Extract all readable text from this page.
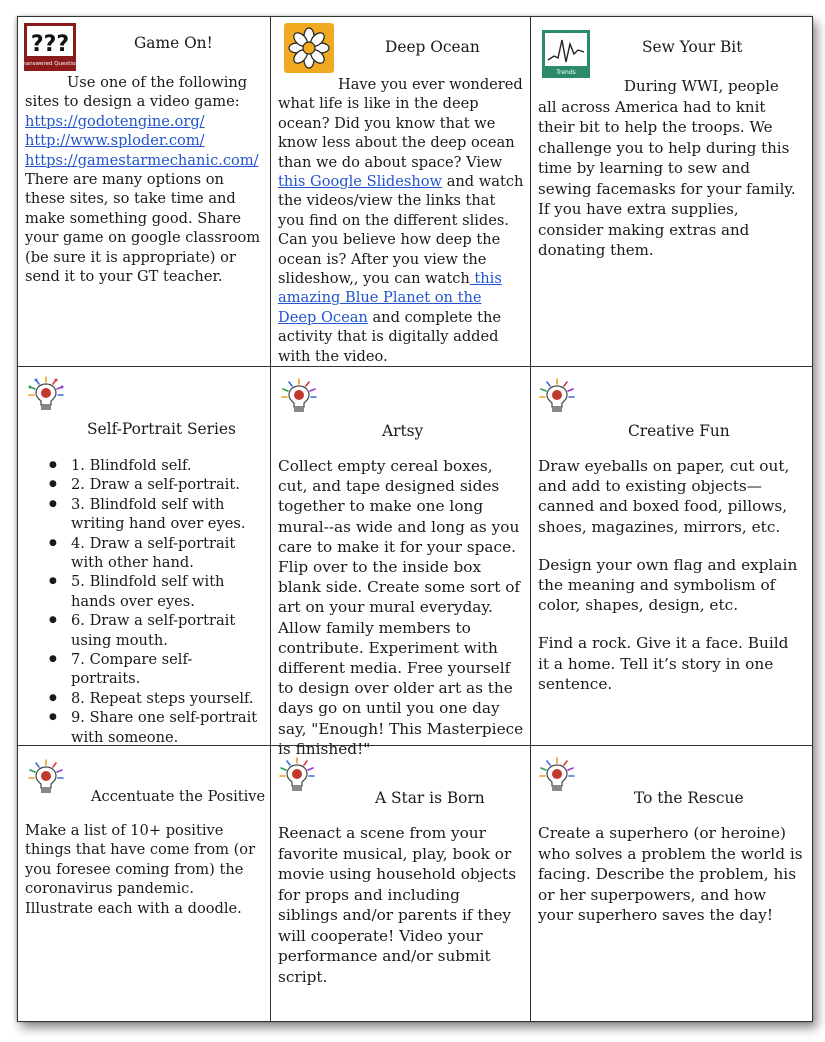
???
Unanswered Questions
Game On!
Use one of the following sites to design a video game:
https://godotengine.org/
http://www.sploder.com/
https://gamestarmechanic.com/
There are many options on these sites, so take time and make something good. Share your game on google classroom (be sure it is appropriate) or send it to your GT teacher.
Deep Ocean
Have you ever wondered what life is like in the deep ocean? Did you know that we know less about the deep ocean than we do about space? View this Google Slideshow and watch the videos/view the links that you find on the different slides. Can you believe how deep the ocean is? After you view the slideshow,, you can watch this amazing Blue Planet on the Deep Ocean and complete the activity that is digitally added with the video.
Trends
Sew Your Bit
During WWI, people all across America had to knit their bit to help the troops. We challenge you to help during this time by learning to sew and sewing facemasks for your family. If you have extra supplies, consider making extras and donating them.
Self-Portrait Series
● 1. Blindfold self.
● 2. Draw a self-portrait.
● 3. Blindfold self with writing hand over eyes.
● 4. Draw a self-portrait with other hand.
● 5. Blindfold self with hands over eyes.
● 6. Draw a self-portrait using mouth.
● 7. Compare self-portraits.
● 8. Repeat steps yourself.
● 9. Share one self-portrait with someone.
Artsy
Collect empty cereal boxes, cut, and tape designed sides together to make one long mural--as wide and long as you care to make it for your space. Flip over to the inside box blank side. Create some sort of art on your mural everyday. Allow family members to contribute. Experiment with different media. Free yourself to design over older art as the days go on until you one day say, "Enough! This Masterpiece is finished!"
Creative Fun

Draw eyeballs on paper, cut out, and add to existing objects—canned and boxed food, pillows, shoes, magazines, mirrors, etc.

Design your own flag and explain the meaning and symbolism of color, shapes, design, etc.

Find a rock. Give it a face. Build it a home. Tell it’s story in one sentence.

Accentuate the Positive
Make a list of 10+ positive things that have come from (or you foresee coming from) the coronavirus pandemic. Illustrate each with a doodle.
A Star is Born
Reenact a scene from your favorite musical, play, book or movie using household objects for props and including siblings and/or parents if they will cooperate! Video your performance and/or submit script.
To the Rescue
Create a superhero (or heroine) who solves a problem the world is facing. Describe the problem, his or her superpowers, and how your superhero saves the day!
